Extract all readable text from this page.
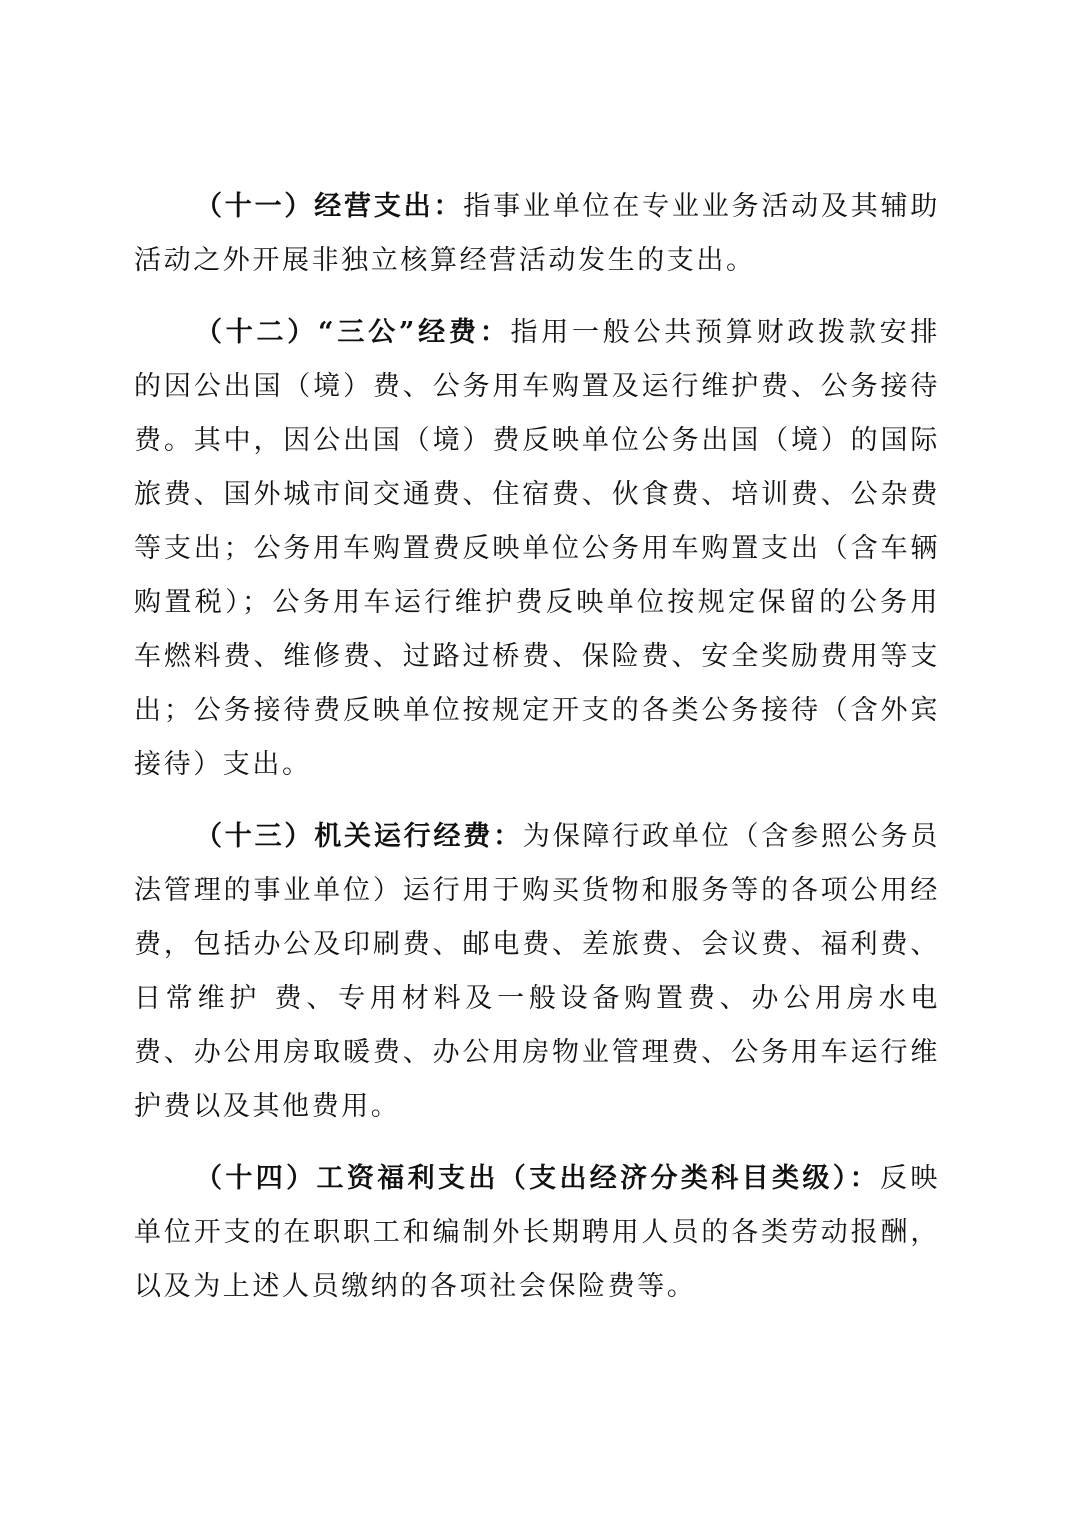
（十一）经营支出：指事业单位在专业业务活动及其辅助活动之外开展非独立核算经营活动发生的支出。

（十二）“三公”经费：指用一般公共预算财政拨款安排的因公出国（境）费、公务用车购置及运行维护费、公务接待费。其中，因公出国（境）费反映单位公务出国（境）的国际旅费、国外城市间交通费、住宿费、伙食费、培训费、公杂费等支出；公务用车购置费反映单位公务用车购置支出（含车辆购置税）；公务用车运行维护费反映单位按规定保留的公务用车燃料费、维修费、过路过桥费、保险费、安全奖励费用等支出；公务接待费反映单位按规定开支的各类公务接待（含外宾接待）支出。

（十三）机关运行经费：为保障行政单位（含参照公务员法管理的事业单位）运行用于购买货物和服务等的各项公用经费，包括办公及印刷费、邮电费、差旅费、会议费、福利费、日常维护 费、专用材料及一般设备购置费、办公用房水电费、办公用房取暖费、办公用房物业管理费、公务用车运行维护费以及其他费用。

（十四）工资福利支出（支出经济分类科目类级）：反映单位开支的在职职工和编制外长期聘用人员的各类劳动报酬，以及为上述人员缴纳的各项社会保险费等。
